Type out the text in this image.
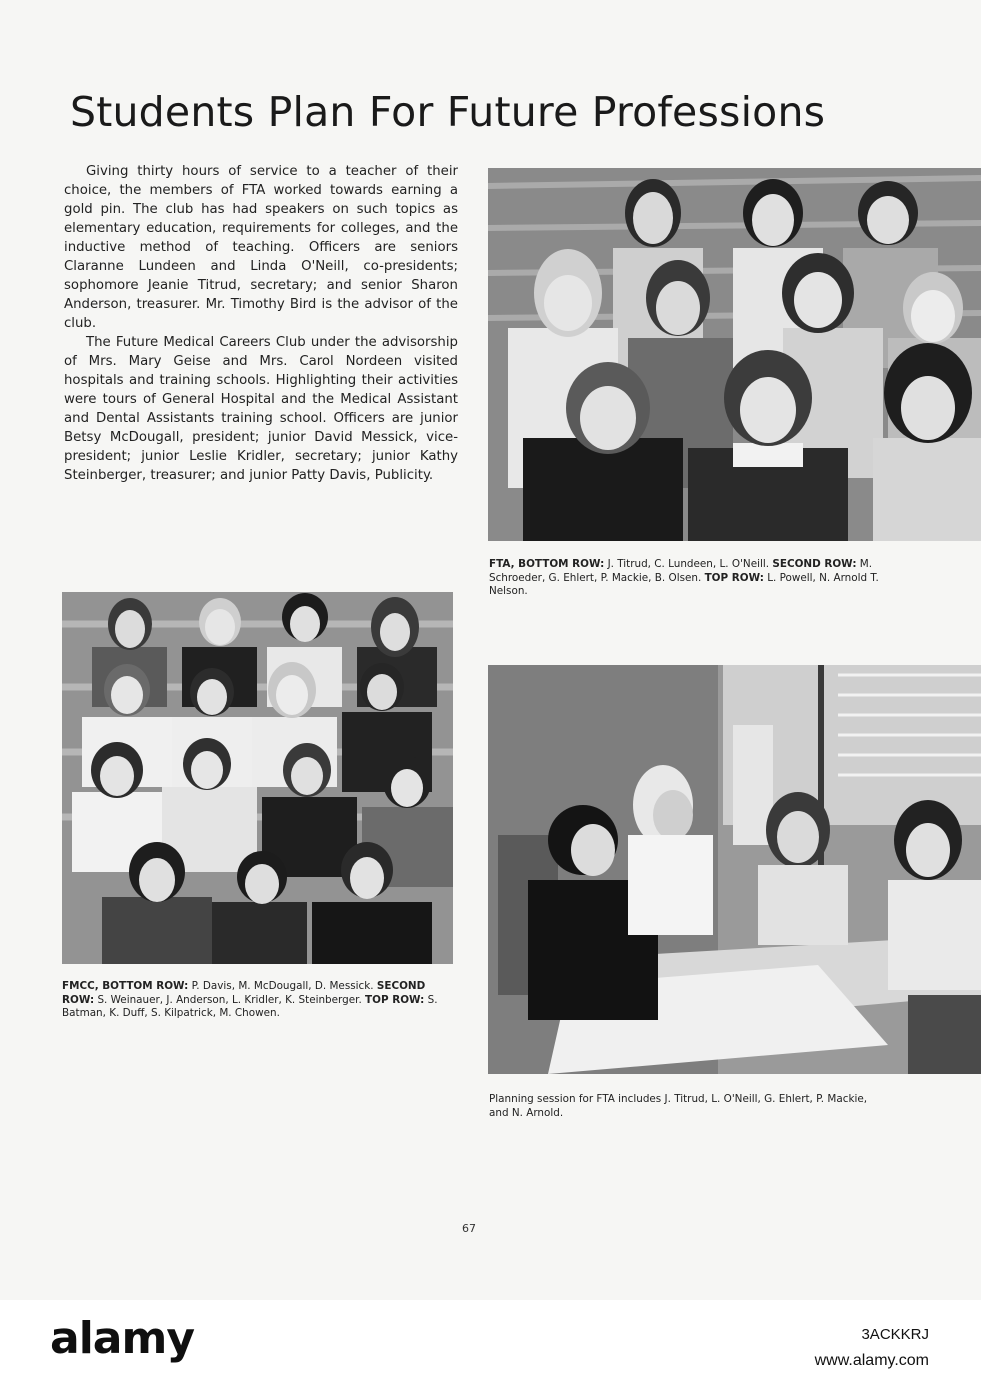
Students Plan For Future Professions

Giving thirty hours of service to a teacher of their choice, the members of FTA worked towards earning a gold pin. The club has had speakers on such topics as elementary education, requirements for colleges, and the inductive method of teaching. Officers are seniors Claranne Lundeen and Linda O'Neill, co-presidents; sophomore Jeanie Titrud, secretary; and senior Sharon Anderson, treasurer. Mr. Timothy Bird is the advisor of the club.

The Future Medical Careers Club under the advisorship of Mrs. Mary Geise and Mrs. Carol Nordeen visited hospitals and training schools. Highlighting their activities were tours of General Hospital and the Medical Assistant and Dental Assistants training school. Officers are junior Betsy McDougall, president; junior David Messick, vice-president; junior Leslie Kridler, secretary; junior Kathy Steinberger, treasurer; and junior Patty Davis, Publicity.

FTA, BOTTOM ROW: J. Titrud, C. Lundeen, L. O'Neill. SECOND ROW: M. Schroeder, G. Ehlert, P. Mackie, B. Olsen. TOP ROW: L. Powell, N. Arnold T. Nelson.
FMCC, BOTTOM ROW: P. Davis, M. McDougall, D. Messick. SECOND ROW: S. Weinauer, J. Anderson, L. Kridler, K. Steinberger. TOP ROW: S. Batman, K. Duff, S. Kilpatrick, M. Chowen.
Planning session for FTA includes J. Titrud, L. O'Neill, G. Ehlert, P. Mackie, and N. Arnold.
67
alamy	3ACKKRJ
www.alamy.com
